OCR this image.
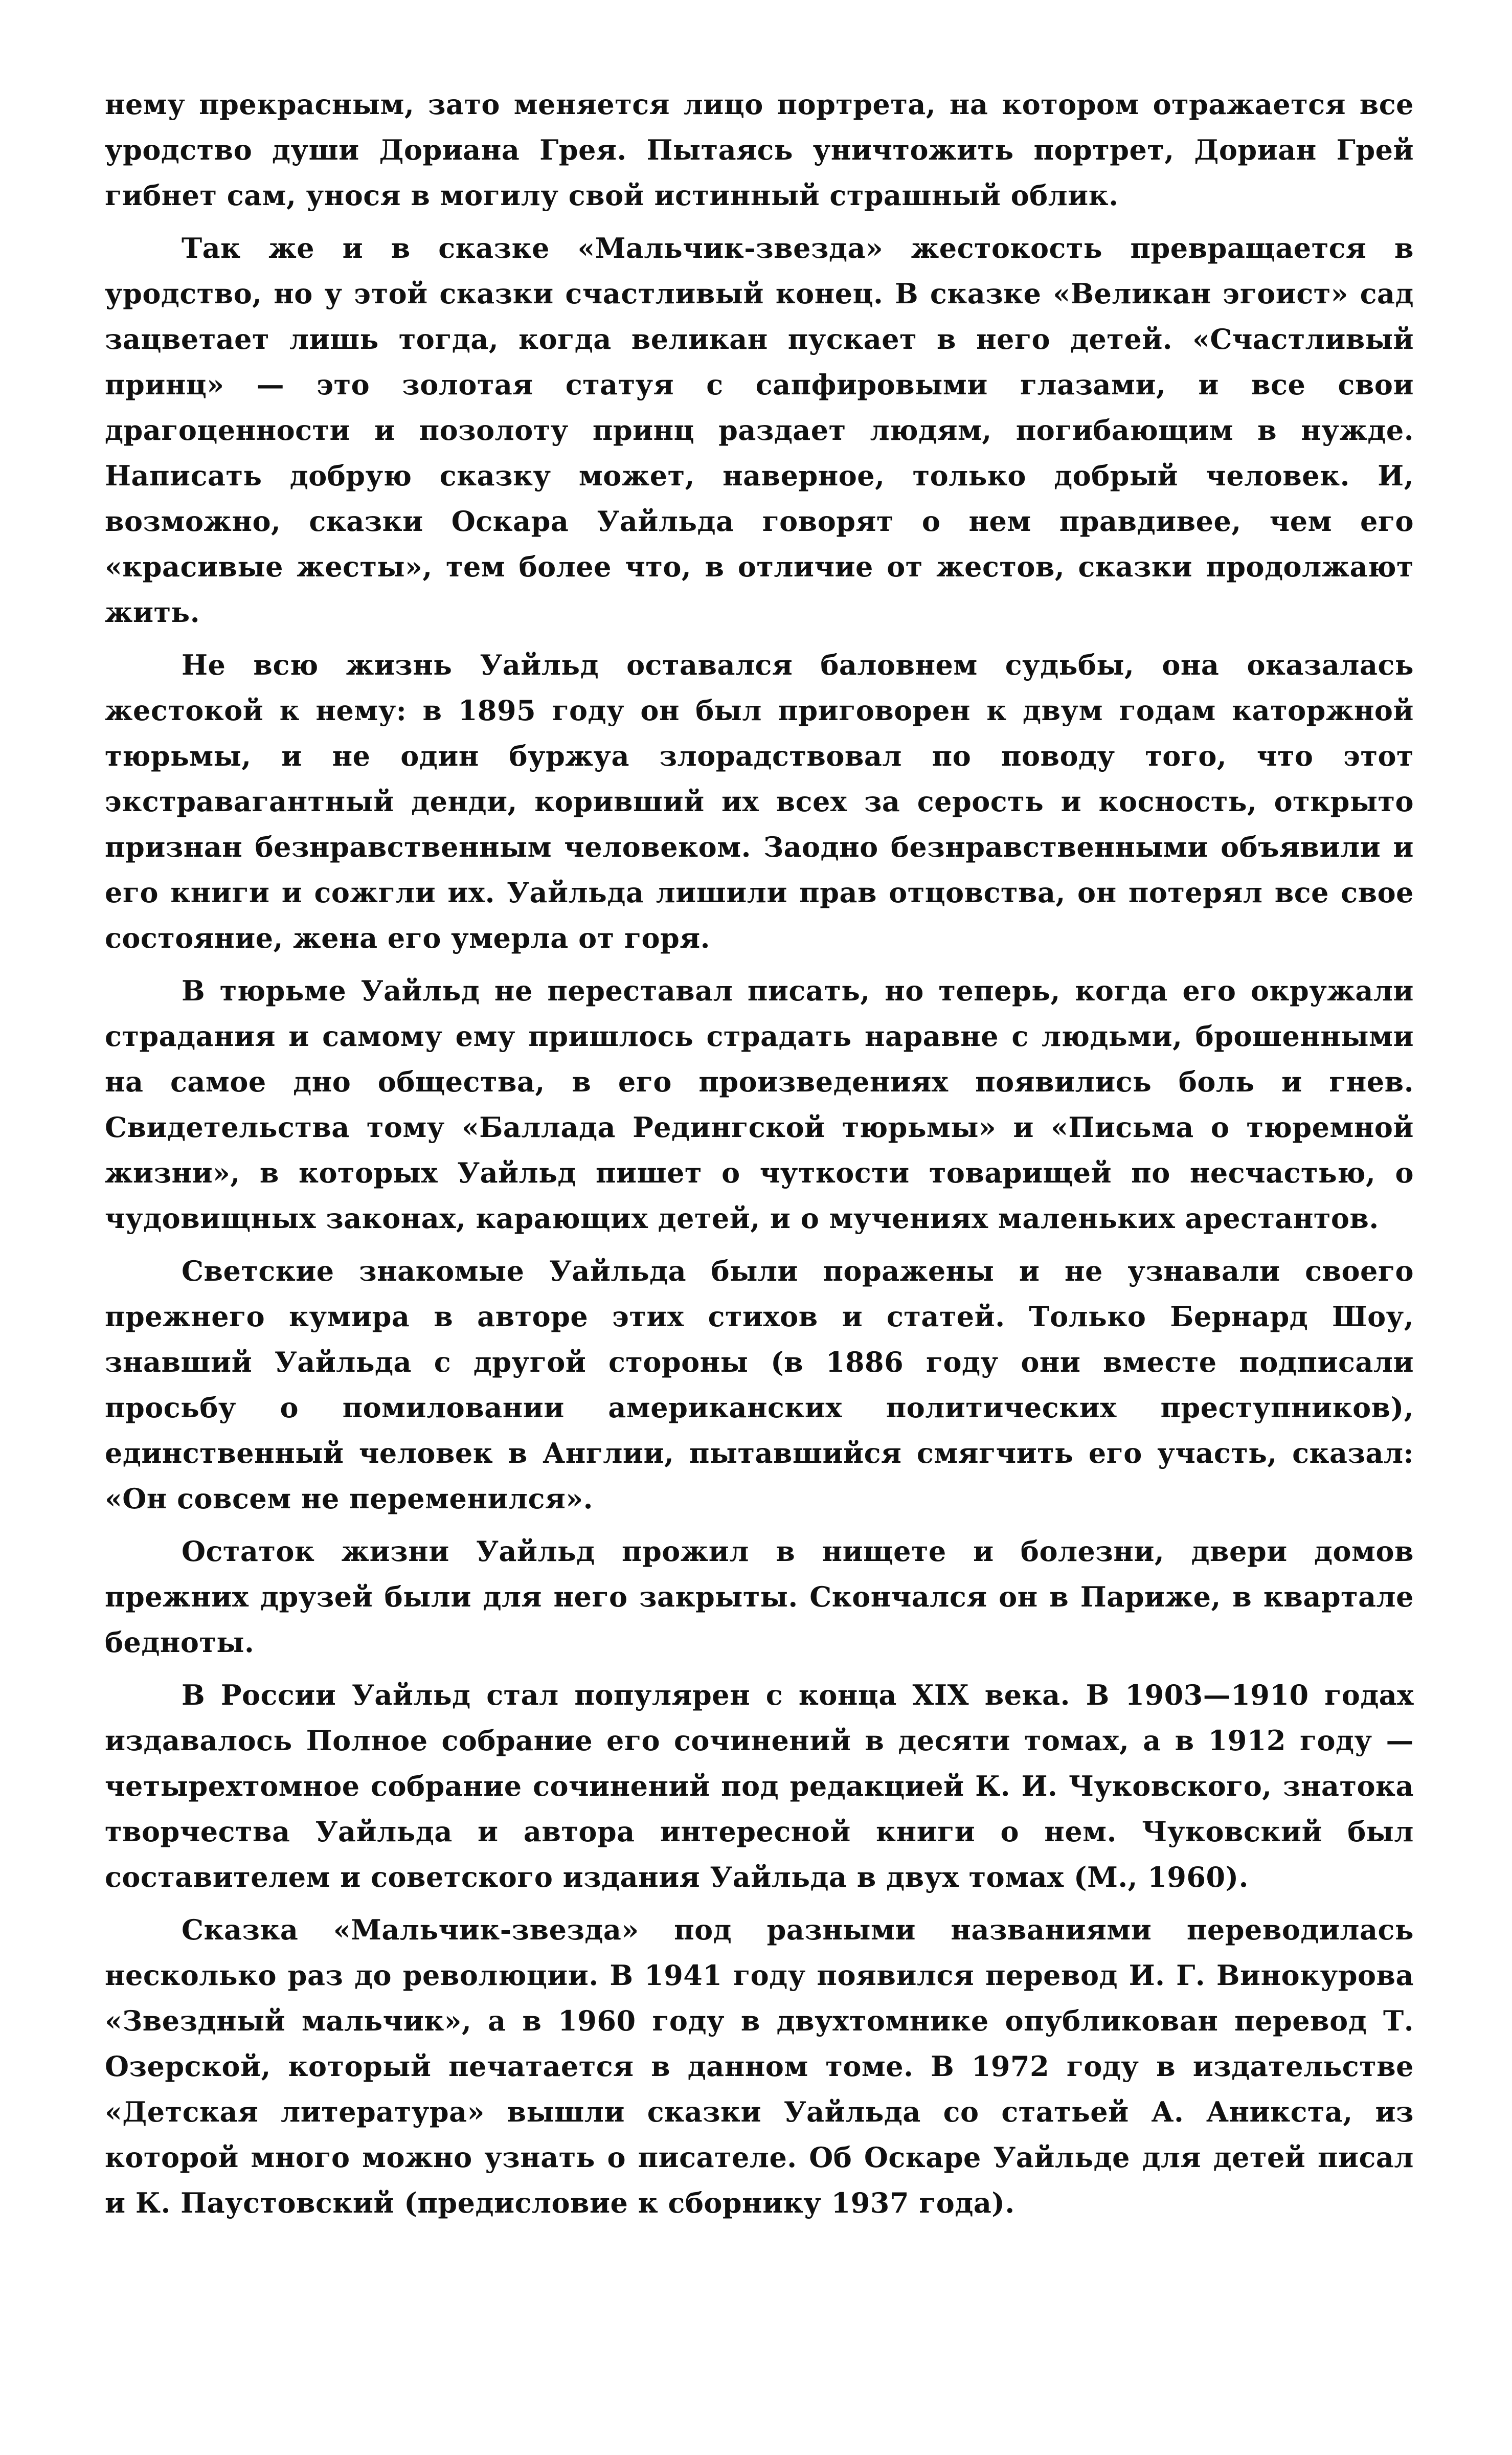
нему прекрасным, зато меняется лицо портрета, на котором отражается все уродство души Дориана Грея. Пытаясь уничтожить портрет, Дориан Грей гибнет сам, унося в могилу свой истинный страшный облик.

Так же и в сказке «Мальчик-звезда» жестокость превращается в уродство, но у этой сказки счастливый конец. В сказке «Великан эгоист» сад зацветает лишь тогда, когда великан пускает в него детей. «Счастливый принц» — это золотая статуя с сапфировыми глазами, и все свои драгоценности и позолоту принц раздает людям, погибающим в нужде. Написать добрую сказку может, наверное, только добрый человек. И, возможно, сказки Оскара Уайльда говорят о нем правдивее, чем его «красивые жесты», тем более что, в отличие от жестов, сказки продолжают жить.

Не всю жизнь Уайльд оставался баловнем судьбы, она оказалась жестокой к нему: в 1895 году он был приговорен к двум годам каторжной тюрьмы, и не один буржуа злорадствовал по поводу того, что этот экстравагантный денди, коривший их всех за серость и косность, открыто признан безнравственным человеком. Заодно безнравственными объявили и его книги и сожгли их. Уайльда лишили прав отцовства, он потерял все свое состояние, жена его умерла от горя.

В тюрьме Уайльд не переставал писать, но теперь, когда его окружали страдания и самому ему пришлось страдать наравне с людьми, брошенными на самое дно общества, в его произведениях появились боль и гнев. Свидетельства тому «Баллада Редингской тюрьмы» и «Письма о тюремной жизни», в которых Уайльд пишет о чуткости товарищей по несчастью, о чудовищных законах, карающих детей, и о мучениях маленьких арестантов.

Светские знакомые Уайльда были поражены и не узнавали своего прежнего кумира в авторе этих стихов и статей. Только Бернард Шоу, знавший Уайльда с другой стороны (в 1886 году они вместе подписали просьбу о помиловании американских политических преступников), единственный человек в Англии, пытавшийся смягчить его участь, сказал: «Он совсем не переменился».

Остаток жизни Уайльд прожил в нищете и болезни, двери домов прежних друзей были для него закрыты. Скончался он в Париже, в квартале бедноты.

В России Уайльд стал популярен с конца XIX века. В 1903—1910 годах издавалось Полное собрание его сочинений в десяти томах, а в 1912 году — четырехтомное собрание сочинений под редакцией К. И. Чуковского, знатока творчества Уайльда и автора интересной книги о нем. Чуковский был составителем и советского издания Уайльда в двух томах (М., 1960).

Сказка «Мальчик-звезда» под разными названиями переводилась несколько раз до революции. В 1941 году появился перевод И. Г. Винокурова «Звездный мальчик», а в 1960 году в двухтомнике опубликован перевод Т. Озерской, который печатается в данном томе. В 1972 году в издательстве «Детская литература» вышли сказки Уайльда со статьей А. Аникста, из которой много можно узнать о писателе. Об Оскаре Уайльде для детей писал и К. Паустовский (предисловие к сборнику 1937 года).
